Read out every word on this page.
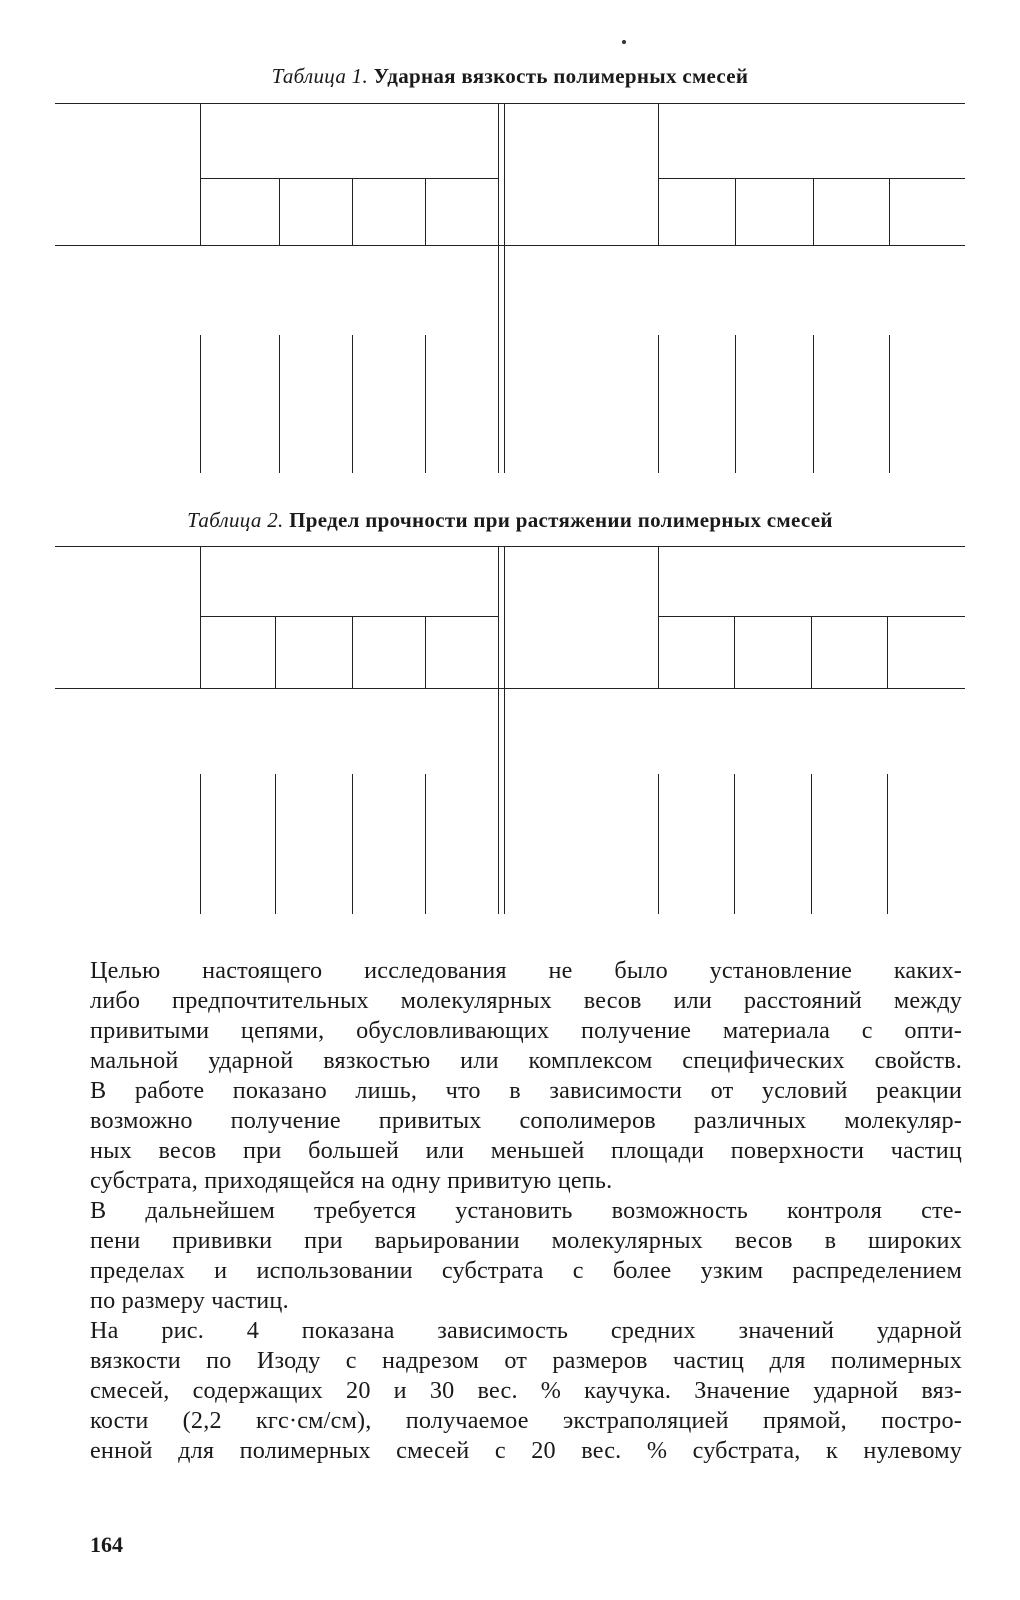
Таблица 1. Ударная вязкость полимерных смесей
Таблица 2. Предел прочности при растяжении полимерных смесей
Целью настоящего исследования не было установление каких-
либо предпочтительных молекулярных весов или расстояний между
привитыми цепями, обусловливающих получение материала с опти-
мальной ударной вязкостью или комплексом специфических свойств.
В работе показано лишь, что в зависимости от условий реакции
возможно получение привитых сополимеров различных молекуляр-
ных весов при большей или меньшей площади поверхности частиц
субстрата, приходящейся на одну привитую цепь.
В дальнейшем требуется установить возможность контроля сте-
пени прививки при варьировании молекулярных весов в широких
пределах и использовании субстрата с более узким распределением
по размеру частиц.
На рис. 4 показана зависимость средних значений ударной
вязкости по Изоду с надрезом от размеров частиц для полимерных
смесей, содержащих 20 и 30 вес. % каучука. Значение ударной вяз-
кости (2,2 кгс·см/см), получаемое экстраполяцией прямой, постро-
енной для полимерных смесей с 20 вес. % субстрата, к нулевому
164
